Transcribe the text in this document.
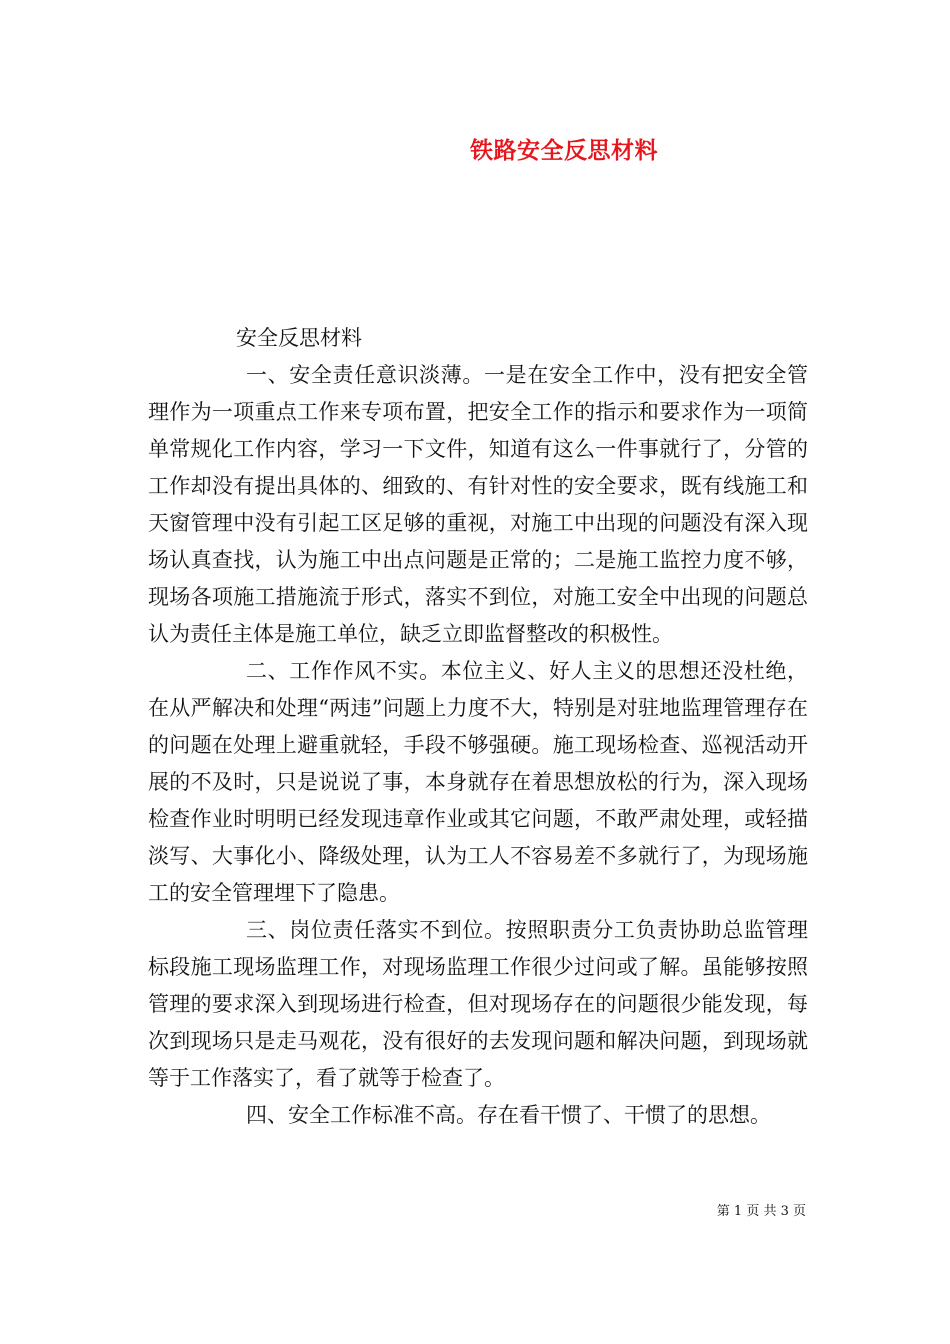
铁路安全反思材料

安全反思材料

一、安全责任意识淡薄。一是在安全工作中，没有把安全管理作为一项重点工作来专项布置，把安全工作的指示和要求作为一项简单常规化工作内容，学习一下文件，知道有这么一件事就行了，分管的工作却没有提出具体的、细致的、有针对性的安全要求，既有线施工和天窗管理中没有引起工区足够的重视，对施工中出现的问题没有深入现场认真查找，认为施工中出点问题是正常的；二是施工监控力度不够，现场各项施工措施流于形式，落实不到位，对施工安全中出现的问题总认为责任主体是施工单位，缺乏立即监督整改的积极性。

二、工作作风不实。本位主义、好人主义的思想还没杜绝，在从严解决和处理“两违”问题上力度不大，特别是对驻地监理管理存在的问题在处理上避重就轻，手段不够强硬。施工现场检查、巡视活动开展的不及时，只是说说了事，本身就存在着思想放松的行为，深入现场检查作业时明明已经发现违章作业或其它问题，不敢严肃处理，或轻描淡写、大事化小、降级处理，认为工人不容易差不多就行了，为现场施工的安全管理埋下了隐患。

三、岗位责任落实不到位。按照职责分工负责协助总监管理标段施工现场监理工作，对现场监理工作很少过问或了解。虽能够按照管理的要求深入到现场进行检查，但对现场存在的问题很少能发现，每次到现场只是走马观花，没有很好的去发现问题和解决问题，到现场就等于工作落实了，看了就等于检查了。

四、安全工作标准不高。存在看干惯了、干惯了的思想。

第 1 页 共 3 页
